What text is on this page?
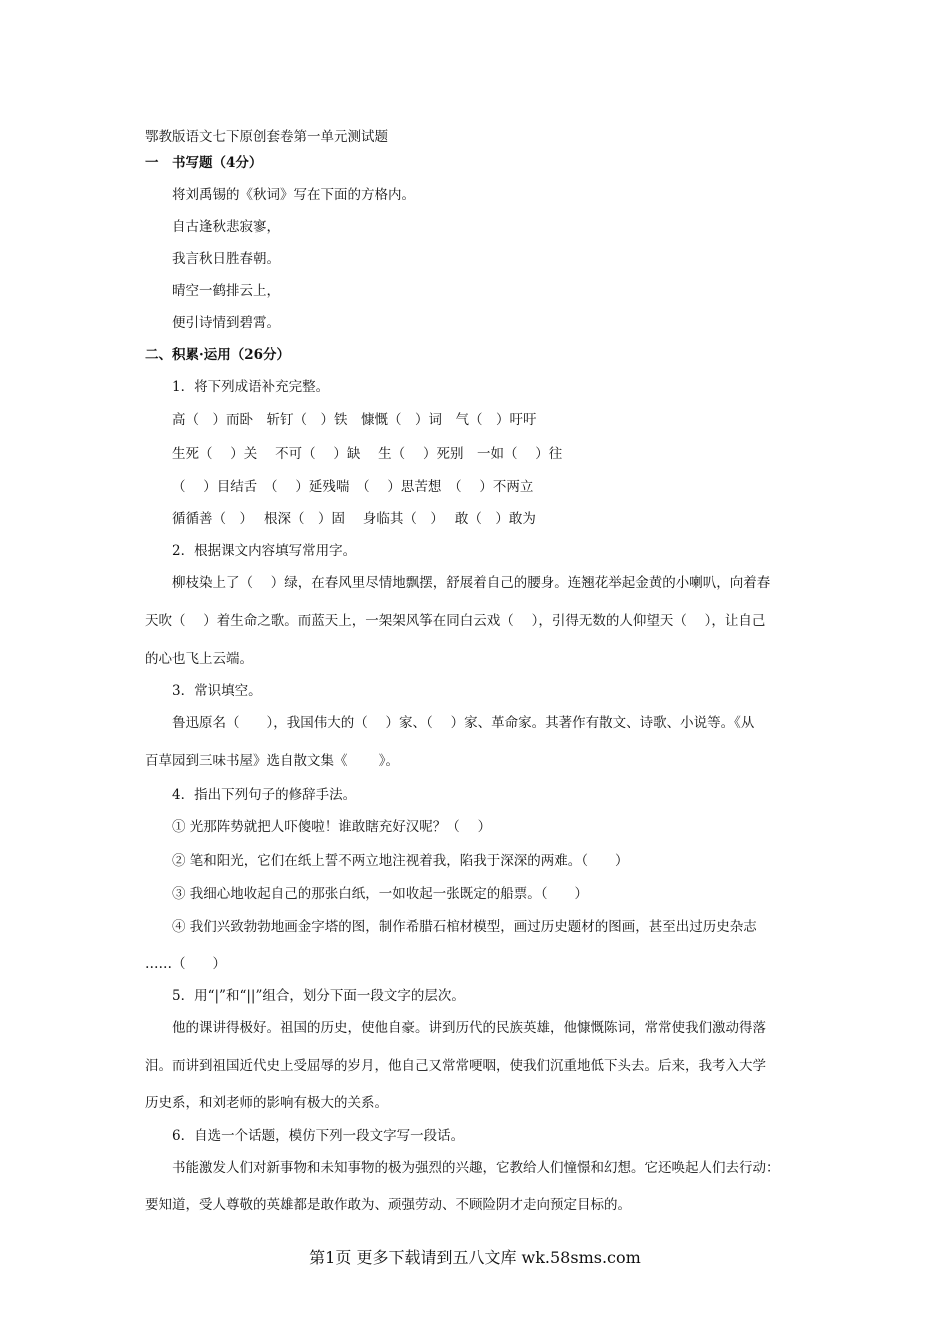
鄂教版语文七下原创套卷第一单元测试题
一　书写题（4分）
将刘禹锡的《秋词》写在下面的方格内。
自古逢秋悲寂寥，
我言秋日胜春朝。
晴空一鹤排云上，
便引诗情到碧霄。
二、积累·运用（26分）
1．将下列成语补充完整。
高（　）而卧　斩钉（　）铁　慷慨（　）词　气（　）吁吁
生死（　 ）关　 不可（　 ）缺　 生（　 ）死别　一如（　 ）往
（　 ）目结舌　（　 ）延残喘　（　 ）思苦想　（　 ）不两立
循循善（　）　 根深（　）固　 身临其（　）　 敢（　）敢为
2．根据课文内容填写常用字。
柳枝染上了（　 ）绿，在春风里尽情地飘摆，舒展着自己的腰身。连翘花举起金黄的小喇叭，向着春
天吹（　 ）着生命之歌。而蓝天上，一架架风筝在同白云戏（　 ），引得无数的人仰望天（　 ），让自己
的心也飞上云端。
3．常识填空。
鲁迅原名（　　），我国伟大的（　 ）家、（　 ）家、革命家。其著作有散文、诗歌、小说等。《从
百草园到三味书屋》选自散文集《　　 》。
4．指出下列句子的修辞手法。
① 光那阵势就把人吓傻啦！谁敢瞎充好汉呢？（　 ）
② 笔和阳光，它们在纸上誓不两立地注视着我，陷我于深深的两难。（　　）
③ 我细心地收起自己的那张白纸，一如收起一张既定的船票。（　　）
④ 我们兴致勃勃地画金字塔的图，制作希腊石棺材模型，画过历史题材的图画，甚至出过历史杂志
……（　　）
5．用“|”和“||”组合，划分下面一段文字的层次。
他的课讲得极好。祖国的历史，使他自豪。讲到历代的民族英雄，他慷慨陈词，常常使我们激动得落
泪。而讲到祖国近代史上受屈辱的岁月，他自己又常常哽咽，使我们沉重地低下头去。后来，我考入大学
历史系，和刘老师的影响有极大的关系。
6．自选一个话题，模仿下列一段文字写一段话。
书能激发人们对新事物和未知事物的极为强烈的兴趣，它教给人们憧憬和幻想。它还唤起人们去行动：
要知道，受人尊敬的英雄都是敢作敢为、顽强劳动、不顾险阴才走向预定目标的。
第1页 更多下载请到五八文库 wk.58sms.com
